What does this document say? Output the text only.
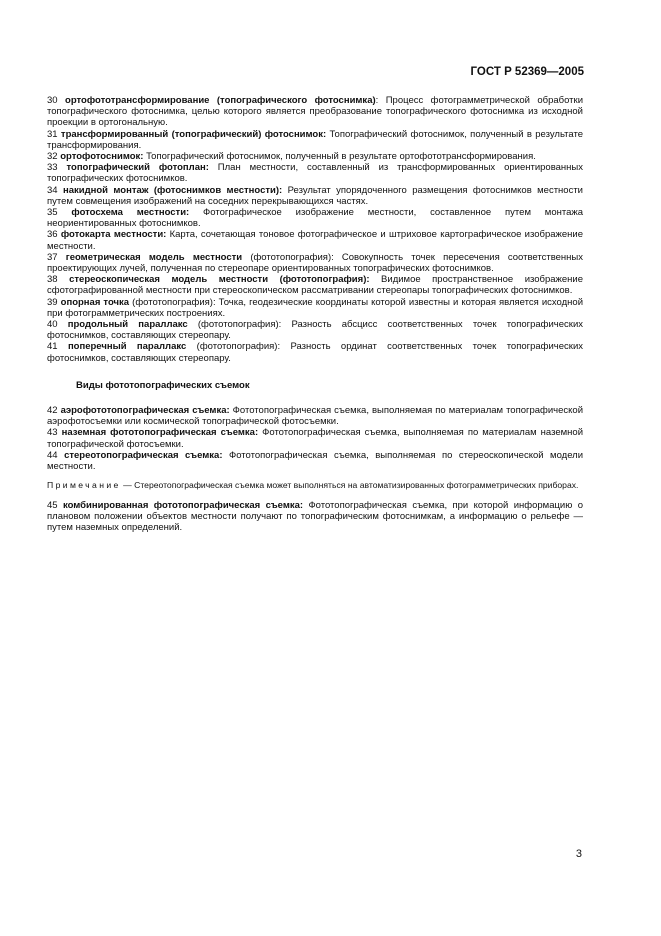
ГОСТ Р 52369—2005

30 ортофототрансформирование (топографического фотоснимка): Процесс фотограмметрической обработки топографического фотоснимка, целью которого является преобразование топографического фотоснимка из исходной проекции в ортогональную.

31 трансформированный (топографический) фотоснимок: Топографический фотоснимок, полученный в результате трансформирования.

32 ортофотоснимок: Топографический фотоснимок, полученный в результате ортофототрансформирования.

33 топографический фотоплан: План местности, составленный из трансформированных ориентированных топографических фотоснимков.

34 накидной монтаж (фотоснимков местности): Результат упорядоченного размещения фотоснимков местности путем совмещения изображений на соседних перекрывающихся частях.

35 фотосхема местности: Фотографическое изображение местности, составленное путем монтажа неориентированных фотоснимков.

36 фотокарта местности: Карта, сочетающая тоновое фотографическое и штриховое картографическое изображение местности.

37 геометрическая модель местности (фототопография): Совокупность точек пересечения соответственных проектирующих лучей, полученная по стереопаре ориентированных топографических фотоснимков.

38 стереоскопическая модель местности (фототопография): Видимое пространственное изображение сфотографированной местности при стереоскопическом рассматривании стереопары топографических фотоснимков.

39 опорная точка (фототопография): Точка, геодезические координаты которой известны и которая является исходной при фотограмметрических построениях.

40 продольный параллакс (фототопография): Разность абсцисс соответственных точек топографических фотоснимков, составляющих стереопару.

41 поперечный параллакс (фототопография): Разность ординат соответственных точек топографических фотоснимков, составляющих стереопару.

Виды фототопографических съемок

42 аэрофототопографическая съемка: Фототопографическая съемка, выполняемая по материалам топографической аэрофотосъемки или космической топографической фотосъемки.

43 наземная фототопографическая съемка: Фототопографическая съемка, выполняемая по материалам наземной топографической фотосъемки.

44 стереотопографическая съемка: Фототопографическая съемка, выполняемая по стереоскопической модели местности.

Примечание — Стереотопографическая съемка может выполняться на автоматизированных фотограмметрических приборах.

45 комбинированная фототопографическая съемка: Фототопографическая съемка, при которой информацию о плановом положении объектов местности получают по топографическим фотоснимкам, а информацию о рельефе — путем наземных определений.

3
